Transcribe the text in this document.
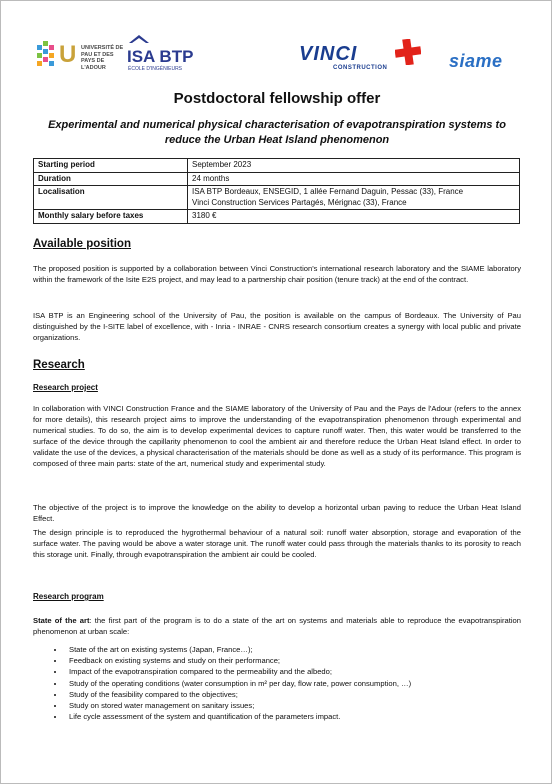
U UNIVERSITÉ DE PAU ET DES PAYS DE L'ADOUR
ISA BTP
ÉCOLE D'INGÉNIEURS
VINCI
CONSTRUCTION	siame
Postdoctoral fellowship offer
Experimental and numerical physical characterisation of evapotranspiration systems to reduce the Urban Heat Island phenomenon
Starting period	September 2023
Duration	24 months
Localisation	ISA BTP Bordeaux, ENSEGID, 1 allée Fernand Daguin, Pessac (33), France
Vinci Construction Services Partagés, Mérignac (33), France

Monthly salary before taxes	3180 €
Available position
The proposed position is supported by a collaboration between Vinci Construction's international research laboratory and the SIAME laboratory within the framework of the Isite E2S project, and may lead to a partnership chair position (tenure track) at the end of the contract.
ISA BTP is an Engineering school of the University of Pau, the position is available on the campus of Bordeaux. The University of Pau distinguished by the I-SITE label of excellence, with - Inria - INRAE - CNRS research consortium creates a synergy with local public and private organizations.
Research
Research project
In collaboration with VINCI Construction France and the SIAME laboratory of the University of Pau and the Pays de l'Adour (refers to the annex for more details), this research project aims to improve the understanding of the evapotranspiration phenomenon through experimental and numerical studies. To do so, the aim is to develop experimental devices to capture runoff water. Then, this water would be transferred to the surface of the device through the capillarity phenomenon to cool the ambient air and therefore reduce the Urban Heat Island effect. In order to validate the use of the devices, a physical characterisation of the materials should be done as well as a study of its performance. This program is composed of three main parts: state of the art, numerical study and experimental study.
The objective of the project is to improve the knowledge on the ability to develop a horizontal urban paving to reduce the Urban Heat Island Effect.
The design principle is to reproduced the hygrothermal behaviour of a natural soil: runoff water absorption, storage and evaporation of the surface water. The paving would be above a water storage unit. The runoff water could pass through the materials thanks to its porosity to reach this storage unit. Finally, through evapotranspiration the ambient air could be cooled.
Research program
State of the art: the first part of the program is to do a state of the art on systems and materials able to reproduce the evapotranspiration phenomenon at urban scale:
• State of the art on existing systems (Japan, France…);
• Feedback on existing systems and study on their performance;
• Impact of the evapotranspiration compared to the permeability and the albedo;
• Study of the operating conditions (water consumption in m² per day, flow rate, power consumption, …)
• Study of the feasibility compared to the objectives;
• Study on stored water management on sanitary issues;
• Life cycle assessment of the system and quantification of the parameters impact.
